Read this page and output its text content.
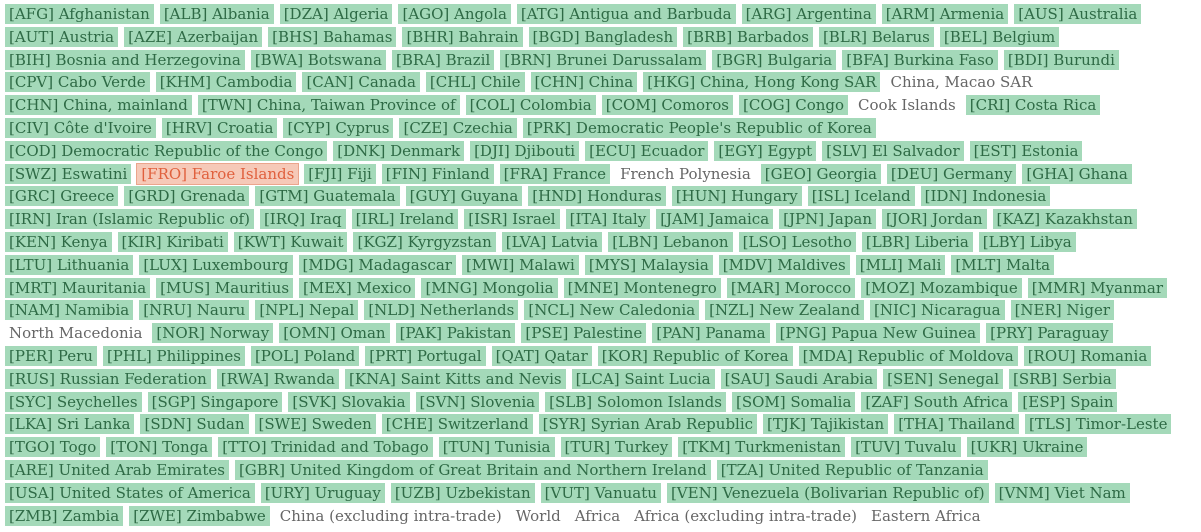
[AFG] Afghanistan [ALB] Albania [DZA] Algeria [AGO] Angola [ATG] Antigua and Barbuda [ARG] Argentina [ARM] Armenia [AUS] Australia[AUT] Austria [AZE] Azerbaijan [BHS] Bahamas [BHR] Bahrain [BGD] Bangladesh [BRB] Barbados [BLR] Belarus [BEL] Belgium[BIH] Bosnia and Herzegovina [BWA] Botswana [BRA] Brazil [BRN] Brunei Darussalam [BGR] Bulgaria [BFA] Burkina Faso [BDI] Burundi[CPV] Cabo Verde [KHM] Cambodia [CAN] Canada [CHL] Chile [CHN] China [HKG] China, Hong Kong SAR China, Macao SAR[CHN] China, mainland [TWN] China, Taiwan Province of [COL] Colombia [COM] Comoros [COG] Congo Cook Islands [CRI] Costa Rica[CIV] Côte d'Ivoire [HRV] Croatia [CYP] Cyprus [CZE] Czechia [PRK] Democratic People's Republic of Korea[COD] Democratic Republic of the Congo [DNK] Denmark [DJI] Djibouti [ECU] Ecuador [EGY] Egypt [SLV] El Salvador [EST] Estonia[SWZ] Eswatini [FRO] Faroe Islands [FJI] Fiji [FIN] Finland [FRA] France French Polynesia [GEO] Georgia [DEU] Germany [GHA] Ghana[GRC] Greece [GRD] Grenada [GTM] Guatemala [GUY] Guyana [HND] Honduras [HUN] Hungary [ISL] Iceland [IDN] Indonesia[IRN] Iran (Islamic Republic of) [IRQ] Iraq [IRL] Ireland [ISR] Israel [ITA] Italy [JAM] Jamaica [JPN] Japan [JOR] Jordan [KAZ] Kazakhstan[KEN] Kenya [KIR] Kiribati [KWT] Kuwait [KGZ] Kyrgyzstan [LVA] Latvia [LBN] Lebanon [LSO] Lesotho [LBR] Liberia [LBY] Libya[LTU] Lithuania [LUX] Luxembourg [MDG] Madagascar [MWI] Malawi [MYS] Malaysia [MDV] Maldives [MLI] Mali [MLT] Malta[MRT] Mauritania [MUS] Mauritius [MEX] Mexico [MNG] Mongolia [MNE] Montenegro [MAR] Morocco [MOZ] Mozambique [MMR] Myanmar[NAM] Namibia [NRU] Nauru [NPL] Nepal [NLD] Netherlands [NCL] New Caledonia [NZL] New Zealand [NIC] Nicaragua [NER] NigerNorth Macedonia [NOR] Norway [OMN] Oman [PAK] Pakistan [PSE] Palestine [PAN] Panama [PNG] Papua New Guinea [PRY] Paraguay[PER] Peru [PHL] Philippines [POL] Poland [PRT] Portugal [QAT] Qatar [KOR] Republic of Korea [MDA] Republic of Moldova [ROU] Romania[RUS] Russian Federation [RWA] Rwanda [KNA] Saint Kitts and Nevis [LCA] Saint Lucia [SAU] Saudi Arabia [SEN] Senegal [SRB] Serbia[SYC] Seychelles [SGP] Singapore [SVK] Slovakia [SVN] Slovenia [SLB] Solomon Islands [SOM] Somalia [ZAF] South Africa [ESP] Spain[LKA] Sri Lanka [SDN] Sudan [SWE] Sweden [CHE] Switzerland [SYR] Syrian Arab Republic [TJK] Tajikistan [THA] Thailand [TLS] Timor-Leste[TGO] Togo [TON] Tonga [TTO] Trinidad and Tobago [TUN] Tunisia [TUR] Turkey [TKM] Turkmenistan [TUV] Tuvalu [UKR] Ukraine[ARE] United Arab Emirates [GBR] United Kingdom of Great Britain and Northern Ireland [TZA] United Republic of Tanzania[USA] United States of America [URY] Uruguay [UZB] Uzbekistan [VUT] Vanuatu [VEN] Venezuela (Bolivarian Republic of) [VNM] Viet Nam[ZMB] Zambia [ZWE] Zimbabwe China (excluding intra-trade) World Africa Africa (excluding intra-trade) Eastern Africa
